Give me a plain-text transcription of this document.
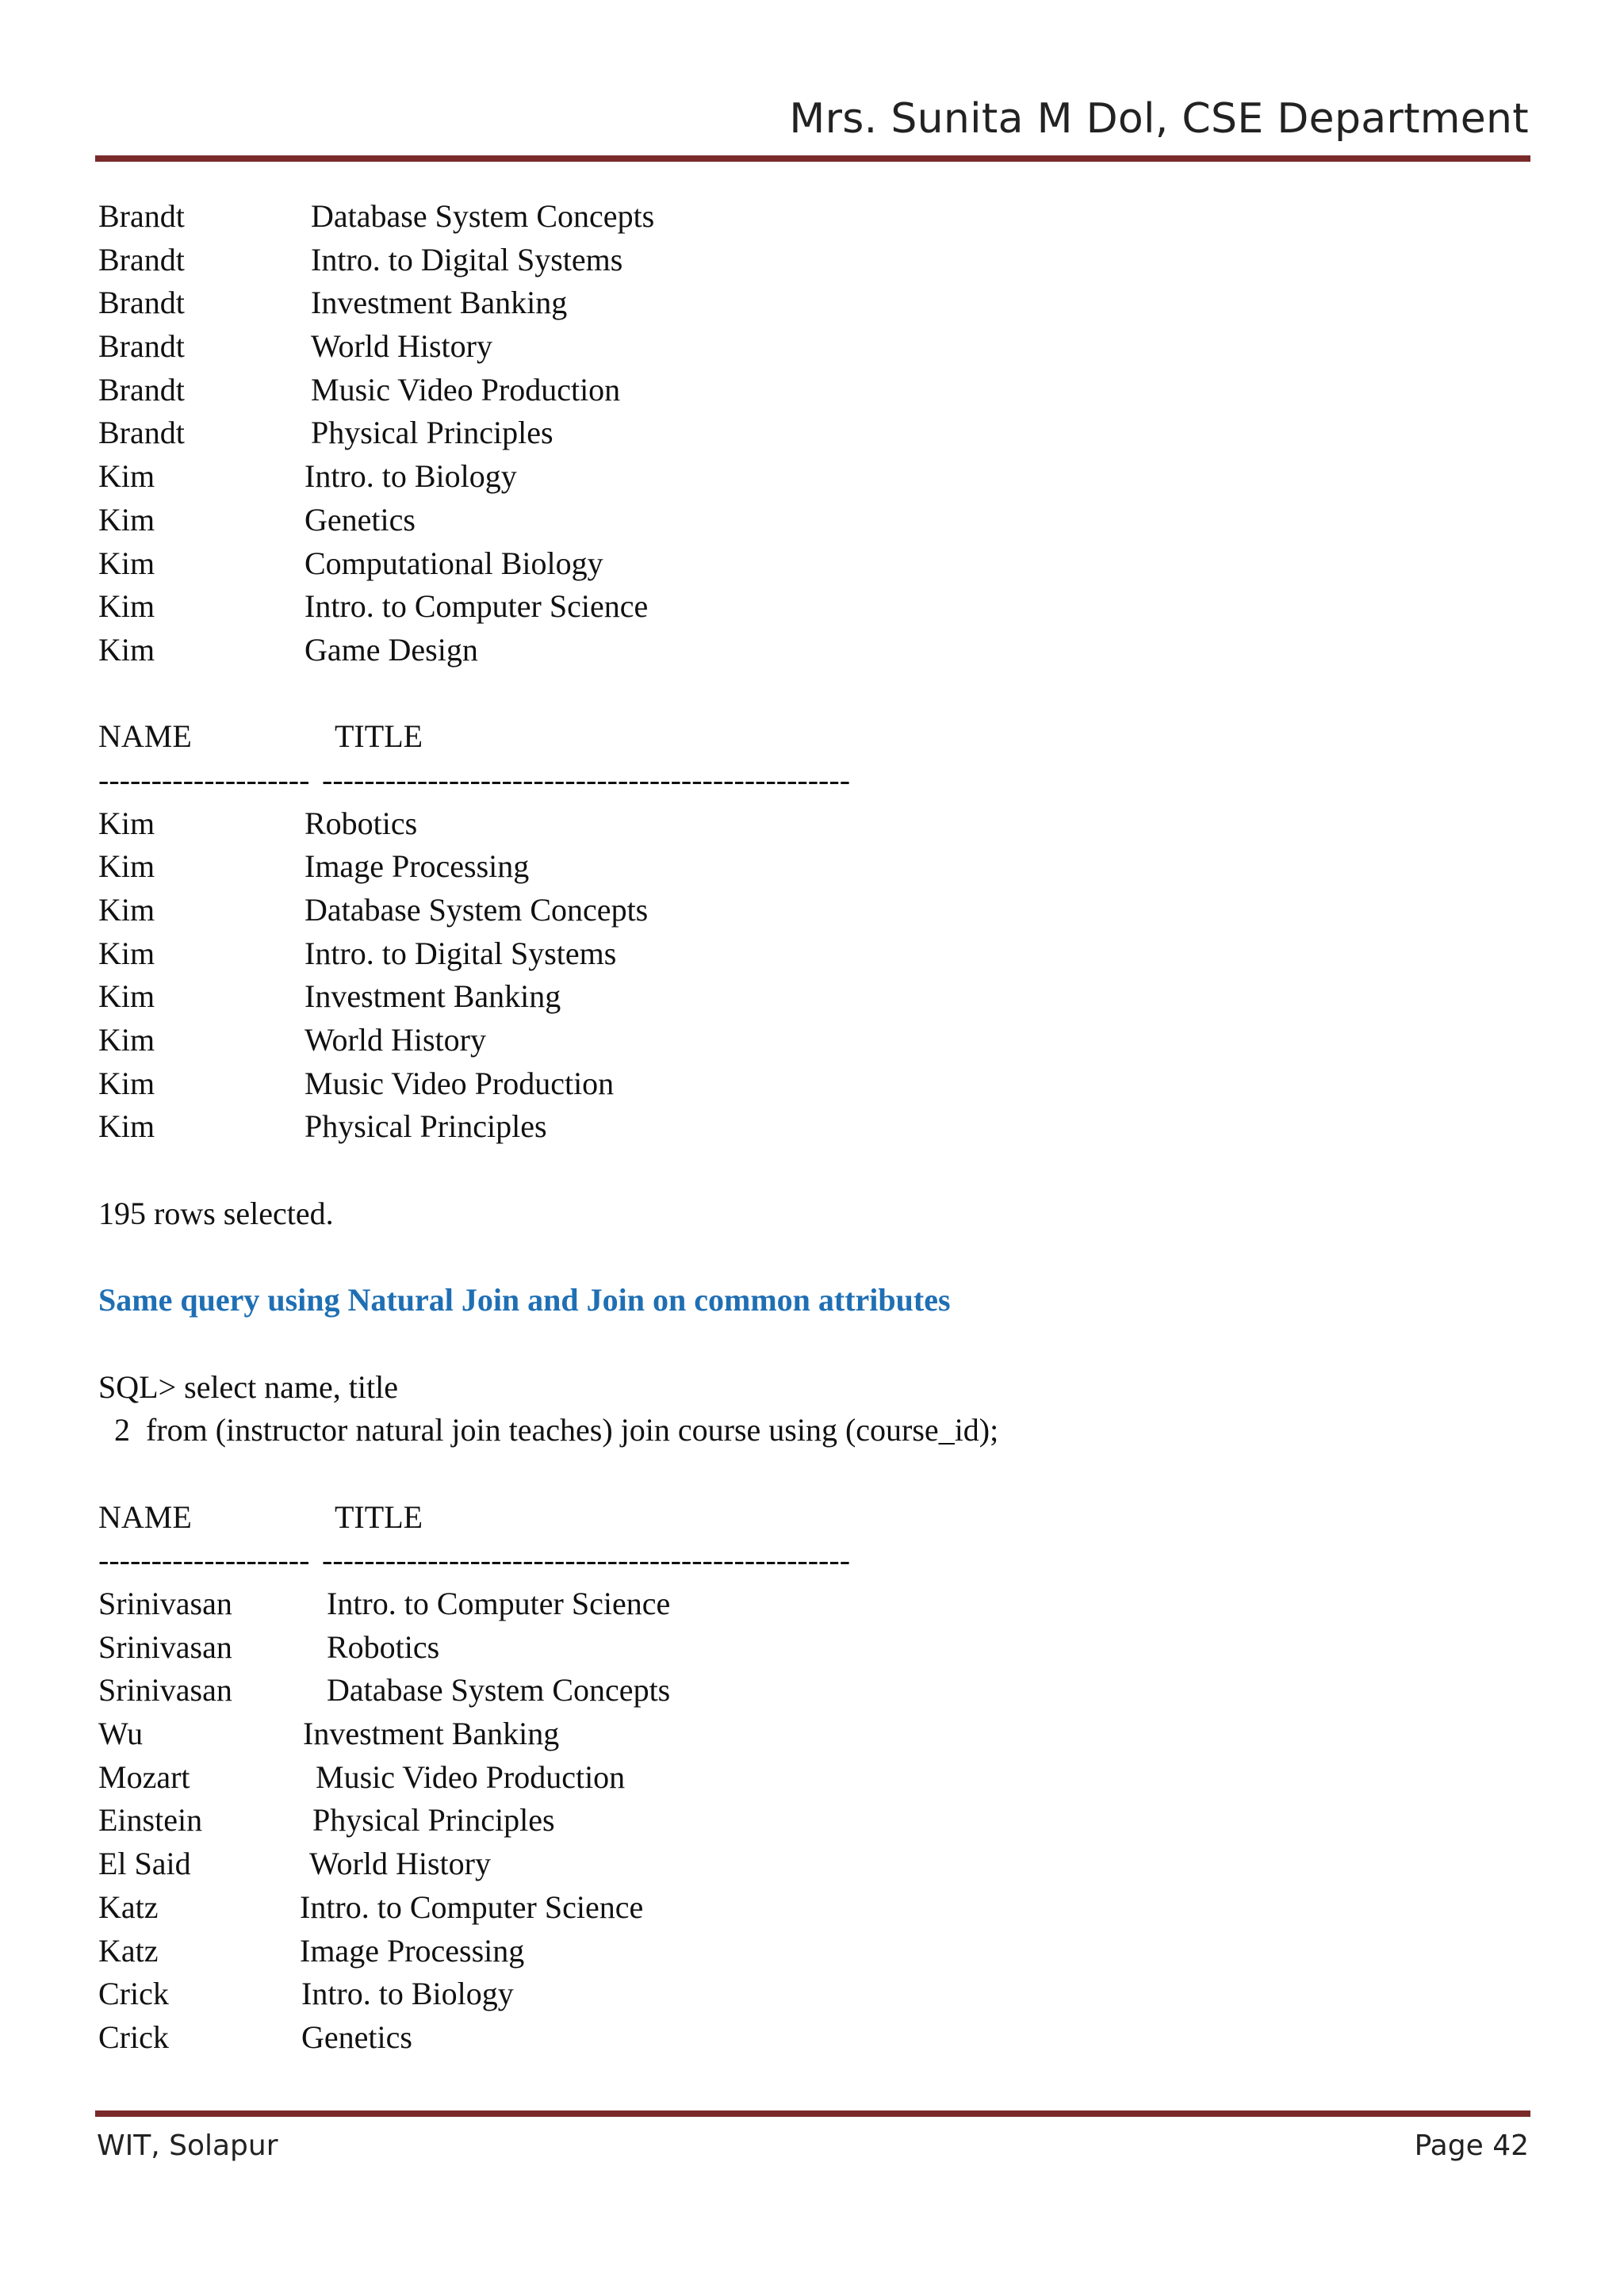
Mrs. Sunita M Dol, CSE Department
Brandt	Database System Concepts
Brandt	Intro. to Digital Systems
Brandt	Investment Banking
Brandt	World History
Brandt	Music Video Production
Brandt	Physical Principles
Kim	Intro. to Biology
Kim	Genetics
Kim	Computational Biology
Kim	Intro. to Computer Science
Kim	Game Design
NAME	TITLE
-------------------- --------------------------------------------------
Kim	Robotics
Kim	Image Processing
Kim	Database System Concepts
Kim	Intro. to Digital Systems
Kim	Investment Banking
Kim	World History
Kim	Music Video Production
Kim	Physical Principles
195 rows selected.
Same query using Natural Join and Join on common attributes
SQL> select name, title
2  from (instructor natural join teaches) join course using (course_id);
NAME	TITLE
-------------------- --------------------------------------------------
Srinivasan	Intro. to Computer Science
Srinivasan	Robotics
Srinivasan	Database System Concepts
Wu	Investment Banking
Mozart	Music Video Production
Einstein	Physical Principles
El Said	World History
Katz	Intro. to Computer Science
Katz	Image Processing
Crick	Intro. to Biology
Crick	Genetics
WIT, Solapur	Page 42
